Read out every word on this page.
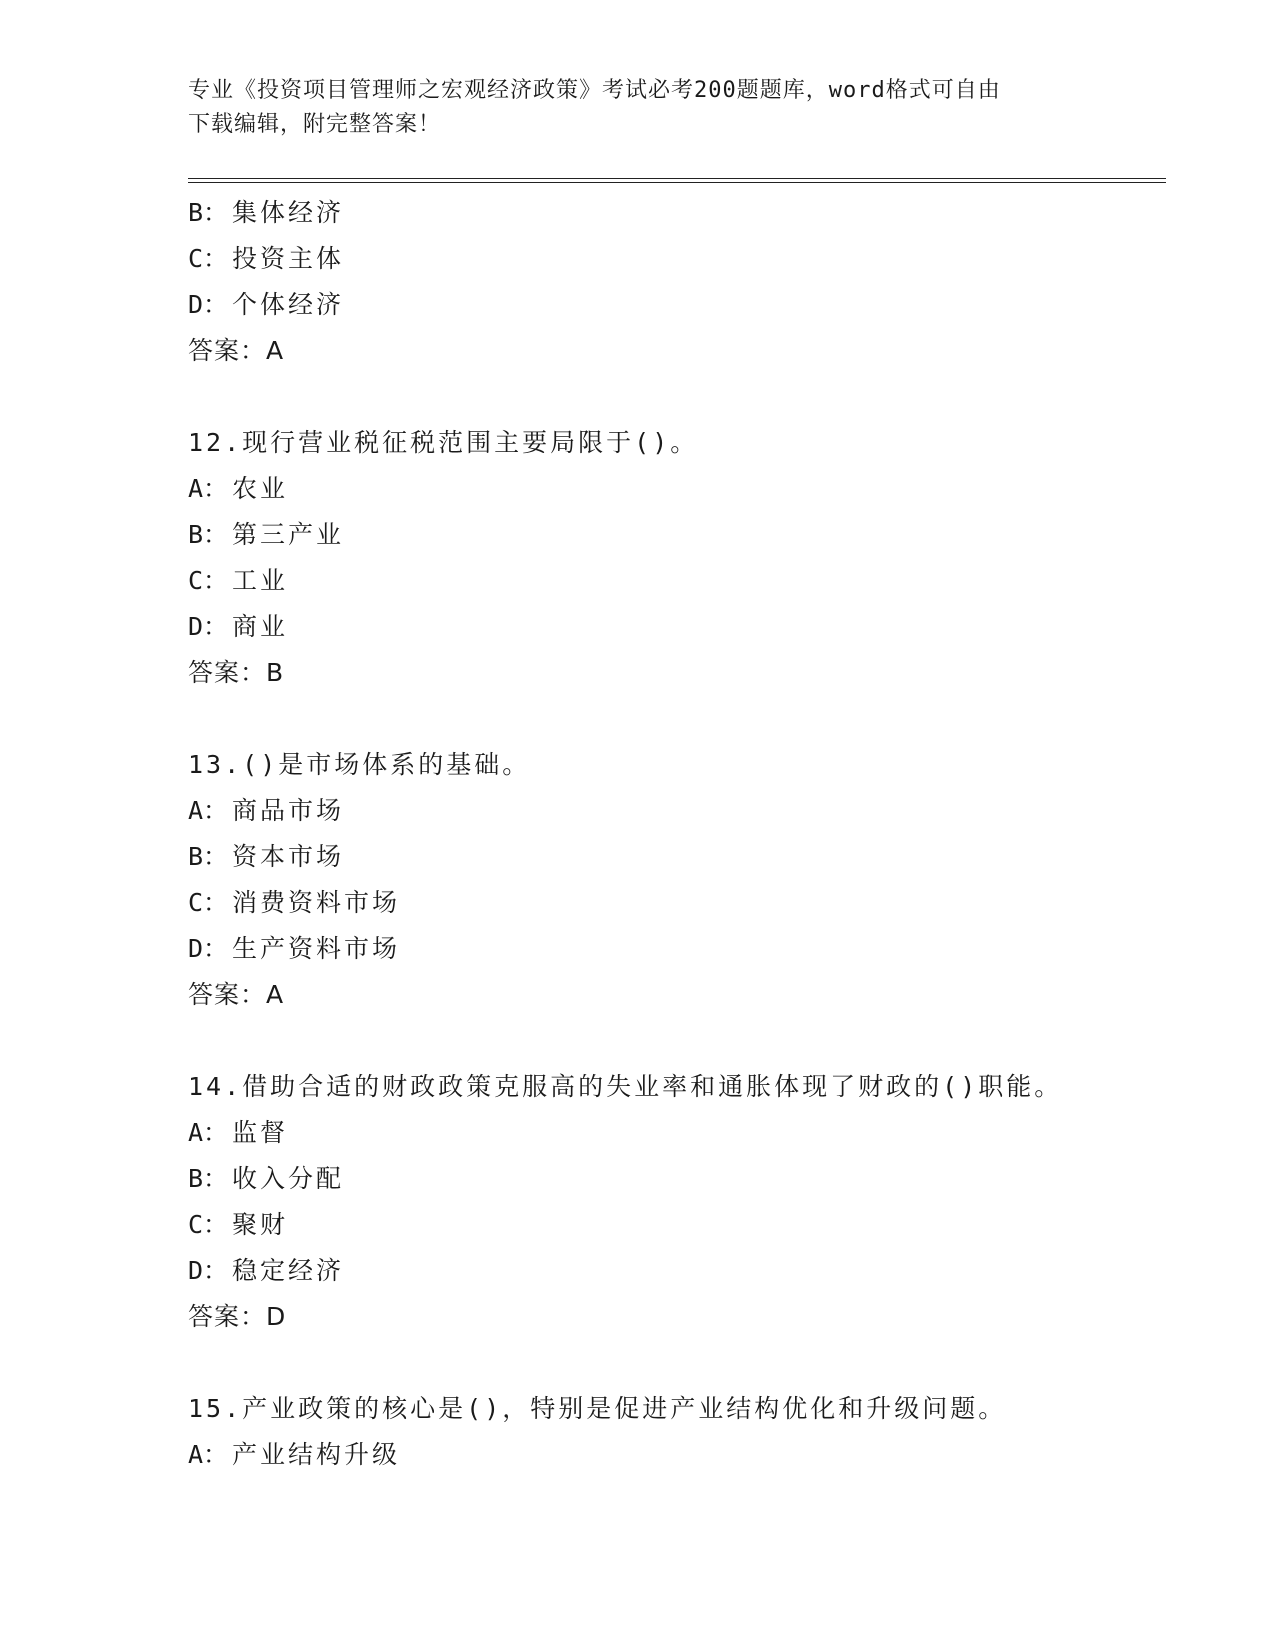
专业《投资项目管理师之宏观经济政策》考试必考200题题库，word格式可自由
下载编辑，附完整答案！
B： 集体经济
C： 投资主体
D： 个体经济
答案：A
12.现行营业税征税范围主要局限于()。
A： 农业
B： 第三产业
C： 工业
D： 商业
答案：B
13.()是市场体系的基础。
A： 商品市场
B： 资本市场
C： 消费资料市场
D： 生产资料市场
答案：A
14.借助合适的财政政策克服高的失业率和通胀体现了财政的()职能。
A： 监督
B： 收入分配
C： 聚财
D： 稳定经济
答案：D
15.产业政策的核心是()，特别是促进产业结构优化和升级问题。
A： 产业结构升级
